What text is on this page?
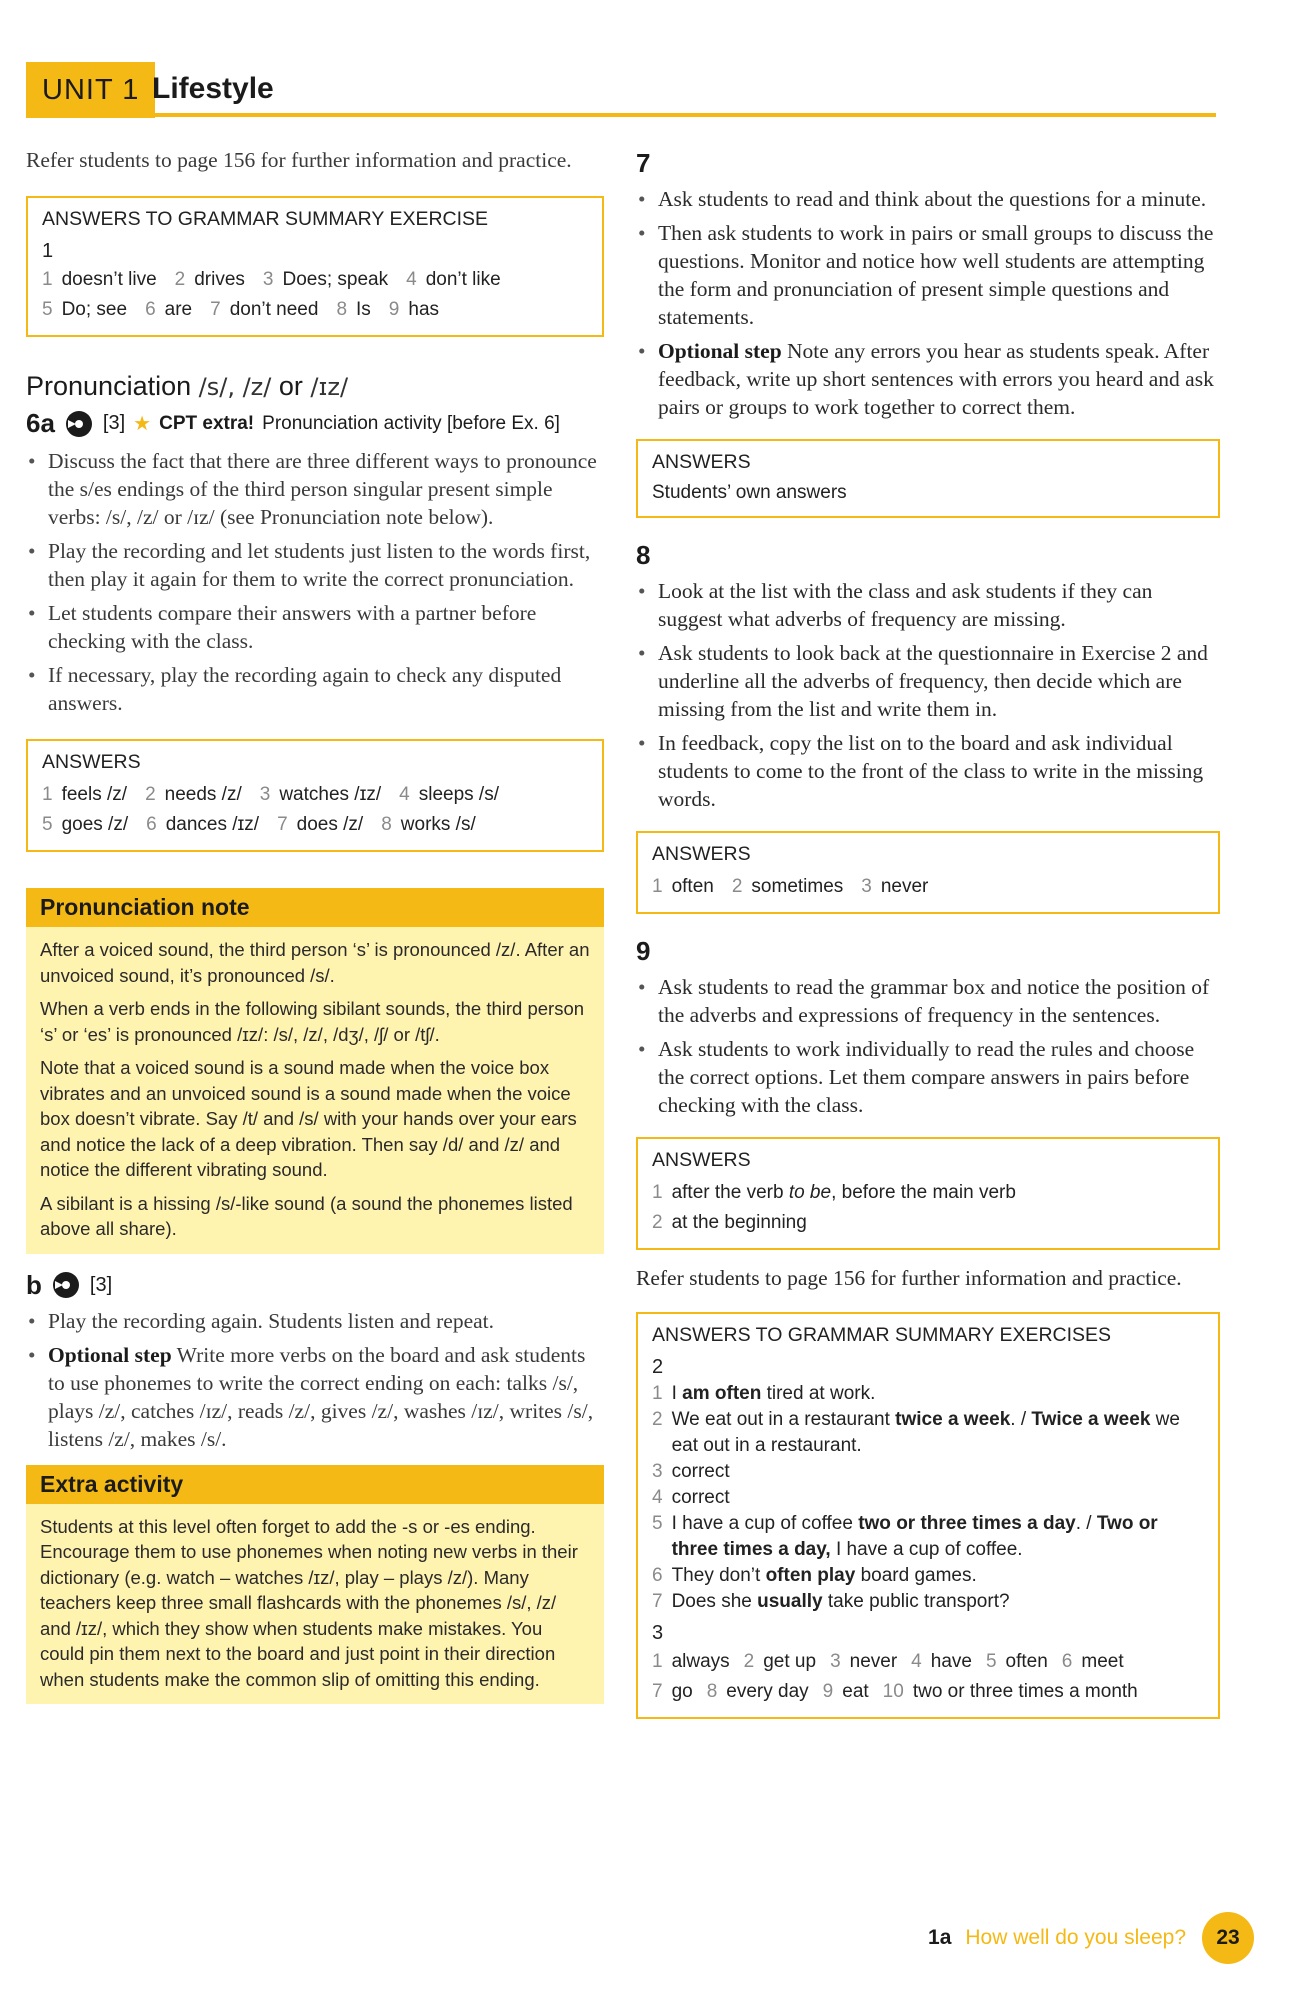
UNIT 1 Lifestyle

Refer students to page 156 for further information and practice.

ANSWERS TO GRAMMAR SUMMARY EXERCISE
1
1 doesn’t live 2 drives 3 Does; speak 4 don’t like
5 Do; see 6 are 7 don’t need 8 Is 9 has
Pronunciation /s/, /z/ or /ɪz/
6a [3] ★ CPT extra! Pronunciation activity [before Ex. 6]
• Discuss the fact that there are three different ways to pronounce the s/es endings of the third person singular present simple verbs: /s/, /z/ or /ɪz/ (see Pronunciation note below).
• Play the recording and let students just listen to the words first, then play it again for them to write the correct pronunciation.
• Let students compare their answers with a partner before checking with the class.
• If necessary, play the recording again to check any disputed answers.
ANSWERS
1 feels /z/ 2 needs /z/ 3 watches /ɪz/ 4 sleeps /s/
5 goes /z/ 6 dances /ɪz/ 7 does /z/ 8 works /s/
Pronunciation note

After a voiced sound, the third person ‘s’ is pronounced /z/. After an unvoiced sound, it’s pronounced /s/.

When a verb ends in the following sibilant sounds, the third person ‘s’ or ‘es’ is pronounced /ɪz/: /s/, /z/, /dʒ/, /ʃ/ or /tʃ/.

Note that a voiced sound is a sound made when the voice box vibrates and an unvoiced sound is a sound made when the voice box doesn’t vibrate. Say /t/ and /s/ with your hands over your ears and notice the lack of a deep vibration. Then say /d/ and /z/ and notice the different vibrating sound.

A sibilant is a hissing /s/-like sound (a sound the phonemes listed above all share).

b [3]
• Play the recording again. Students listen and repeat.
• Optional step Write more verbs on the board and ask students to use phonemes to write the correct ending on each: talks /s/, plays /z/, catches /ɪz/, reads /z/, gives /z/, washes /ɪz/, writes /s/, listens /z/, makes /s/.
Extra activity
Students at this level often forget to add the -s or -es ending. Encourage them to use phonemes when noting new verbs in their dictionary (e.g. watch – watches /ɪz/, play – plays /z/). Many teachers keep three small flashcards with the phonemes /s/, /z/ and /ɪz/, which they show when students make mistakes. You could pin them next to the board and just point in their direction when students make the common slip of omitting this ending.
7
• Ask students to read and think about the questions for a minute.
• Then ask students to work in pairs or small groups to discuss the questions. Monitor and notice how well students are attempting the form and pronunciation of present simple questions and statements.
• Optional step Note any errors you hear as students speak. After feedback, write up short sentences with errors you heard and ask pairs or groups to work together to correct them.
ANSWERS
Students’ own answers
8
• Look at the list with the class and ask students if they can suggest what adverbs of frequency are missing.
• Ask students to look back at the questionnaire in Exercise 2 and underline all the adverbs of frequency, then decide which are missing from the list and write them in.
• In feedback, copy the list on to the board and ask individual students to come to the front of the class to write in the missing words.
ANSWERS
1 often 2 sometimes 3 never
9
• Ask students to read the grammar box and notice the position of the adverbs and expressions of frequency in the sentences.
• Ask students to work individually to read the rules and choose the correct options. Let them compare answers in pairs before checking with the class.
ANSWERS
1 after the verb to be, before the main verb
2 at the beginning

Refer students to page 156 for further information and practice.

ANSWERS TO GRAMMAR SUMMARY EXERCISES
2
1 I am often tired at work.
2 We eat out in a restaurant twice a week. / Twice a week we eat out in a restaurant.
3 correct
4 correct
5 I have a cup of coffee two or three times a day. / Two or three times a day, I have a cup of coffee.
6 They don’t often play board games.
7 Does she usually take public transport?
3
1 always 2 get up 3 never 4 have 5 often 6 meet
7 go 8 every day 9 eat 10 two or three times a month
1a How well do you sleep?	23
